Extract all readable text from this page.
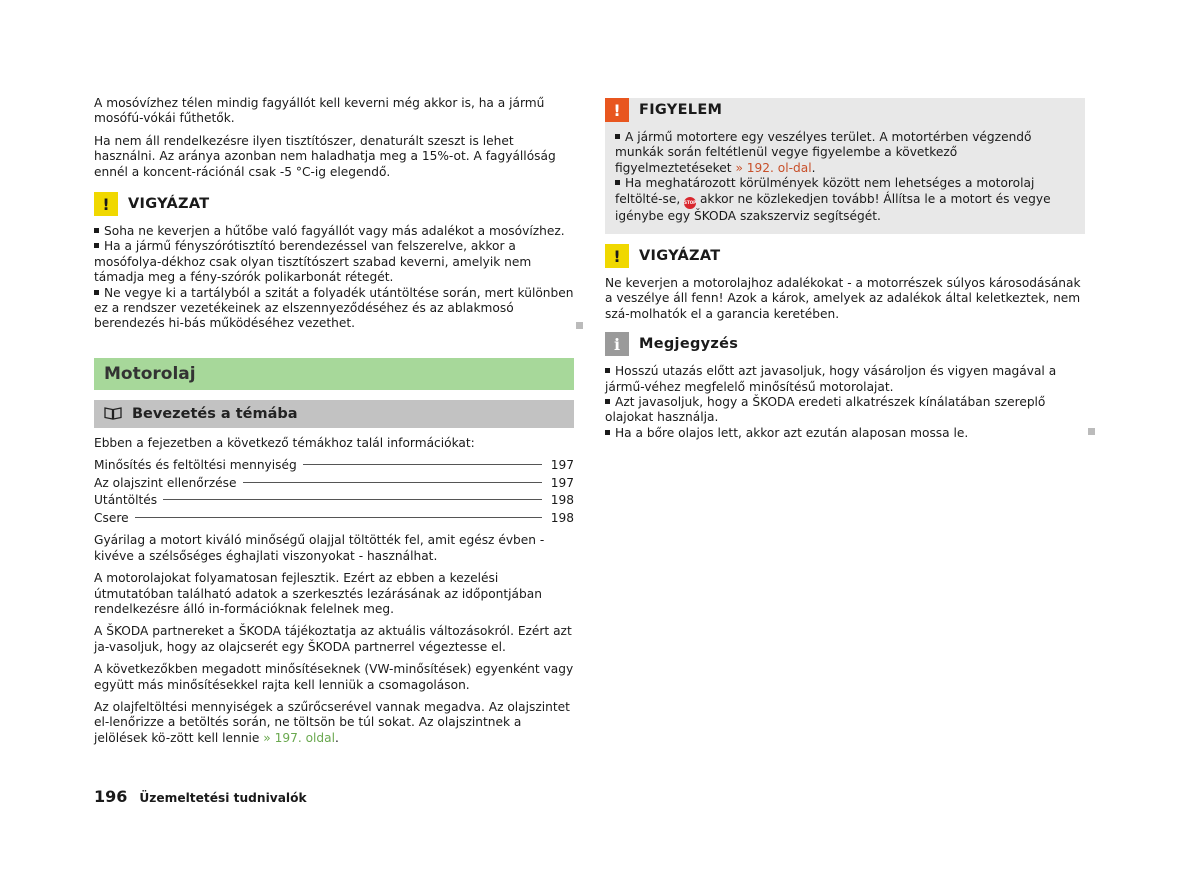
A mosóvízhez télen mindig fagyállót kell keverni még akkor is, ha a jármű mosófú-vókái fűthetők.

Ha nem áll rendelkezésre ilyen tisztítószer, denaturált szeszt is lehet használni. Az aránya azonban nem haladhatja meg a 15%-ot. A fagyállóság ennél a koncent-rációnál csak -5 °C-ig elegendő.

!	VIGYÁZAT
Soha ne keverjen a hűtőbe való fagyállót vagy más adalékot a mosóvízhez.
Ha a jármű fényszórótisztító berendezéssel van felszerelve, akkor a mosófolya-dékhoz csak olyan tisztítószert szabad keverni, amelyik nem támadja meg a fény-szórók polikarbonát rétegét.
Ne vegye ki a tartályból a szitát a folyadék utántöltése során, mert különben ez a rendszer vezetékeinek az elszennyeződéséhez és az ablakmosó berendezés hi-bás működéséhez vezethet.
Motorolaj
Bevezetés a témába

Ebben a fejezetben a következő témákhoz talál információkat:

Minősítés és feltöltési mennyiség	197
Az olajszint ellenőrzése	197
Utántöltés	198
Csere	198

Gyárilag a motort kiváló minőségű olajjal töltötték fel, amit egész évben - kivéve a szélsőséges éghajlati viszonyokat - használhat.

A motorolajokat folyamatosan fejlesztik. Ezért az ebben a kezelési útmutatóban található adatok a szerkesztés lezárásának az időpontjában rendelkezésre álló in-formációknak felelnek meg.

A ŠKODA partnereket a ŠKODA tájékoztatja az aktuális változásokról. Ezért azt ja-vasoljuk, hogy az olajcserét egy ŠKODA partnerrel végeztesse el.

A következőkben megadott minősítéseknek (VW-minősítések) egyenként vagy együtt más minősítésekkel rajta kell lenniük a csomagoláson.

Az olajfeltöltési mennyiségek a szűrőcserével vannak megadva. Az olajszintet el-lenőrizze a betöltés során, ne töltsön be túl sokat. Az olajszintnek a jelölések kö-zött kell lennie » 197. oldal.

!	FIGYELEM
A jármű motortere egy veszélyes terület. A motortérben végzendő munkák során feltétlenül vegye figyelembe a következő figyelmeztetéseket » 192. ol-dal.
Ha meghatározott körülmények között nem lehetséges a motorolaj feltölté-se, STOP akkor ne közlekedjen tovább! Állítsa le a motort és vegye igénybe egy ŠKODA szakszerviz segítségét.
!	VIGYÁZAT

Ne keverjen a motorolajhoz adalékokat - a motorrészek súlyos károsodásának a veszélye áll fenn! Azok a károk, amelyek az adalékok által keletkeztek, nem szá-molhatók el a garancia keretében.

i	Megjegyzés
Hosszú utazás előtt azt javasoljuk, hogy vásároljon és vigyen magával a jármű-véhez megfelelő minősítésű motorolajat.
Azt javasoljuk, hogy a ŠKODA eredeti alkatrészek kínálatában szereplő olajokat használja.
Ha a bőre olajos lett, akkor azt ezután alaposan mossa le.
196 Üzemeltetési tudnivalók
